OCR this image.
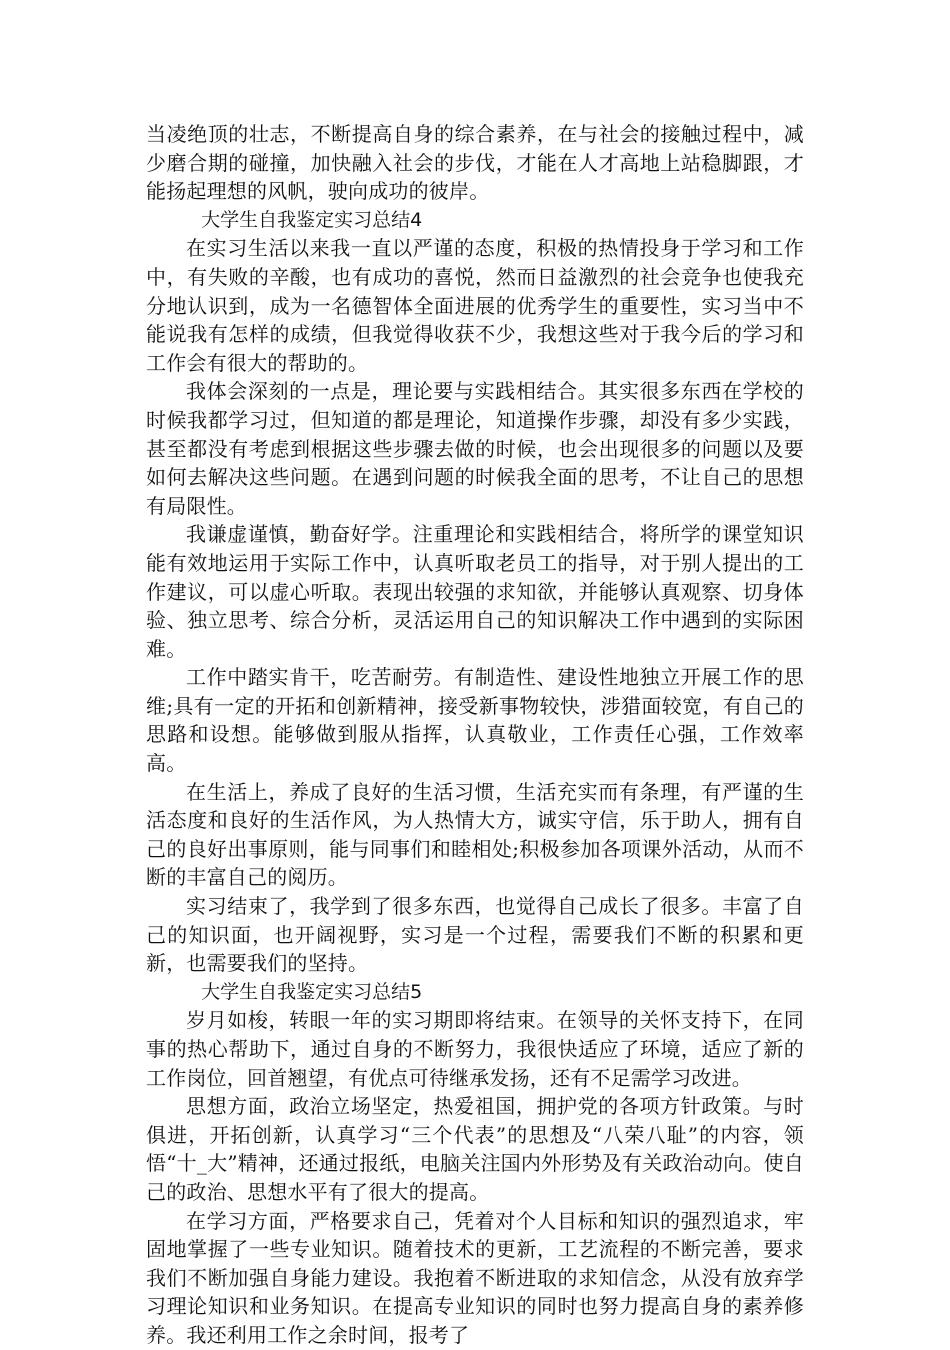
当凌绝顶的壮志，不断提高自身的综合素养，在与社会的接触过程中，减少磨合期的碰撞，加快融入社会的步伐，才能在人才高地上站稳脚跟，才能扬起理想的风帆，驶向成功的彼岸。

大学生自我鉴定实习总结4

在实习生活以来我一直以严谨的态度，积极的热情投身于学习和工作中，有失败的辛酸，也有成功的喜悦，然而日益激烈的社会竞争也使我充分地认识到，成为一名德智体全面进展的优秀学生的重要性，实习当中不能说我有怎样的成绩，但我觉得收获不少，我想这些对于我今后的学习和工作会有很大的帮助的。

我体会深刻的一点是，理论要与实践相结合。其实很多东西在学校的时候我都学习过，但知道的都是理论，知道操作步骤，却没有多少实践，甚至都没有考虑到根据这些步骤去做的时候，也会出现很多的问题以及要如何去解决这些问题。在遇到问题的时候我全面的思考，不让自己的思想有局限性。

我谦虚谨慎，勤奋好学。注重理论和实践相结合，将所学的课堂知识能有效地运用于实际工作中，认真听取老员工的指导，对于别人提出的工作建议，可以虚心听取。表现出较强的求知欲，并能够认真观察、切身体验、独立思考、综合分析，灵活运用自己的知识解决工作中遇到的实际困难。

工作中踏实肯干，吃苦耐劳。有制造性、建设性地独立开展工作的思维;具有一定的开拓和创新精神，接受新事物较快，涉猎面较宽，有自己的思路和设想。能够做到服从指挥，认真敬业，工作责任心强，工作效率高。

在生活上，养成了良好的生活习惯，生活充实而有条理，有严谨的生活态度和良好的生活作风，为人热情大方，诚实守信，乐于助人，拥有自己的良好出事原则，能与同事们和睦相处;积极参加各项课外活动，从而不断的丰富自己的阅历。

实习结束了，我学到了很多东西，也觉得自己成长了很多。丰富了自己的知识面，也开阔视野，实习是一个过程，需要我们不断的积累和更新，也需要我们的坚持。

大学生自我鉴定实习总结5

岁月如梭，转眼一年的实习期即将结束。在领导的关怀支持下，在同事的热心帮助下，通过自身的不断努力，我很快适应了环境，适应了新的工作岗位，回首翘望，有优点可待继承发扬，还有不足需学习改进。

思想方面，政治立场坚定，热爱祖国，拥护党的各项方针政策。与时俱进，开拓创新，认真学习“三个代表”的思想及“八荣八耻”的内容，领悟“十_大”精神，还通过报纸，电脑关注国内外形势及有关政治动向。使自己的政治、思想水平有了很大的提高。

在学习方面，严格要求自己，凭着对个人目标和知识的强烈追求，牢固地掌握了一些专业知识。随着技术的更新，工艺流程的不断完善，要求我们不断加强自身能力建设。我抱着不断进取的求知信念，从没有放弃学习理论知识和业务知识。在提高专业知识的同时也努力提高自身的素养修养。我还利用工作之余时间，报考了
